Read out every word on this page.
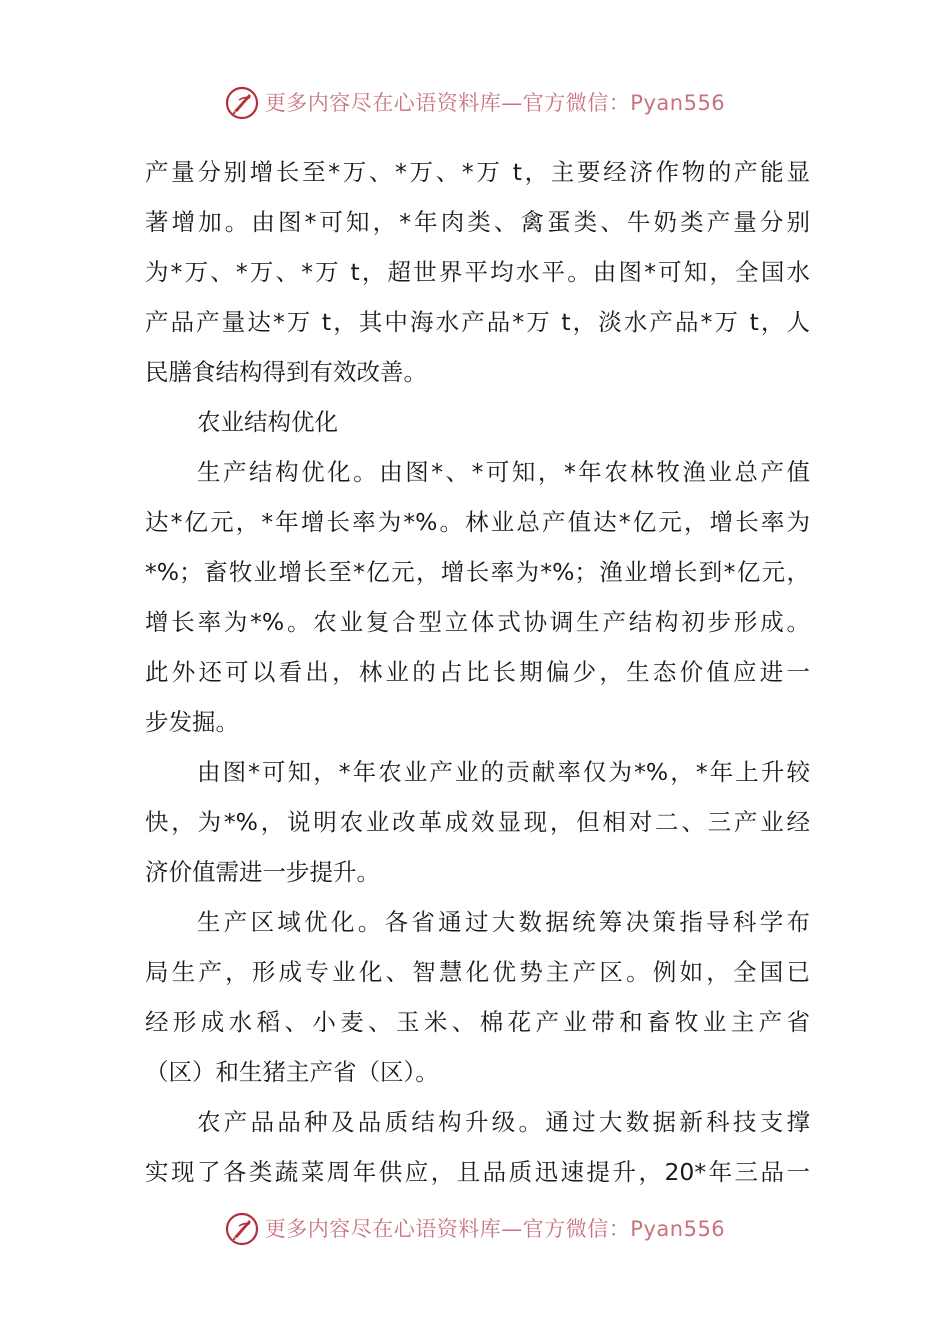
更多内容尽在心语资料库—官方微信：Pyan556
产量分别增长至*万、*万、*万 t，主要经济作物的产能显
著增加。由图*可知，*年肉类、禽蛋类、牛奶类产量分别
为*万、*万、*万 t，超世界平均水平。由图*可知，全国水
产品产量达*万 t，其中海水产品*万 t，淡水产品*万 t，人
民膳食结构得到有效改善。
农业结构优化
生产结构优化。由图*、*可知，*年农林牧渔业总产值
达*亿元，*年增长率为*%。林业总产值达*亿元，增长率为
*%；畜牧业增长至*亿元，增长率为*%；渔业增长到*亿元，
增长率为*%。农业复合型立体式协调生产结构初步形成。
此外还可以看出，林业的占比长期偏少，生态价值应进一
步发掘。
由图*可知，*年农业产业的贡献率仅为*%，*年上升较
快，为*%，说明农业改革成效显现，但相对二、三产业经
济价值需进一步提升。
生产区域优化。各省通过大数据统筹决策指导科学布
局生产，形成专业化、智慧化优势主产区。例如，全国已
经形成水稻、小麦、玉米、棉花产业带和畜牧业主产省
（区）和生猪主产省（区）。
农产品品种及品质结构升级。通过大数据新科技支撑
实现了各类蔬菜周年供应，且品质迅速提升，20*年三品一
更多内容尽在心语资料库—官方微信：Pyan556
